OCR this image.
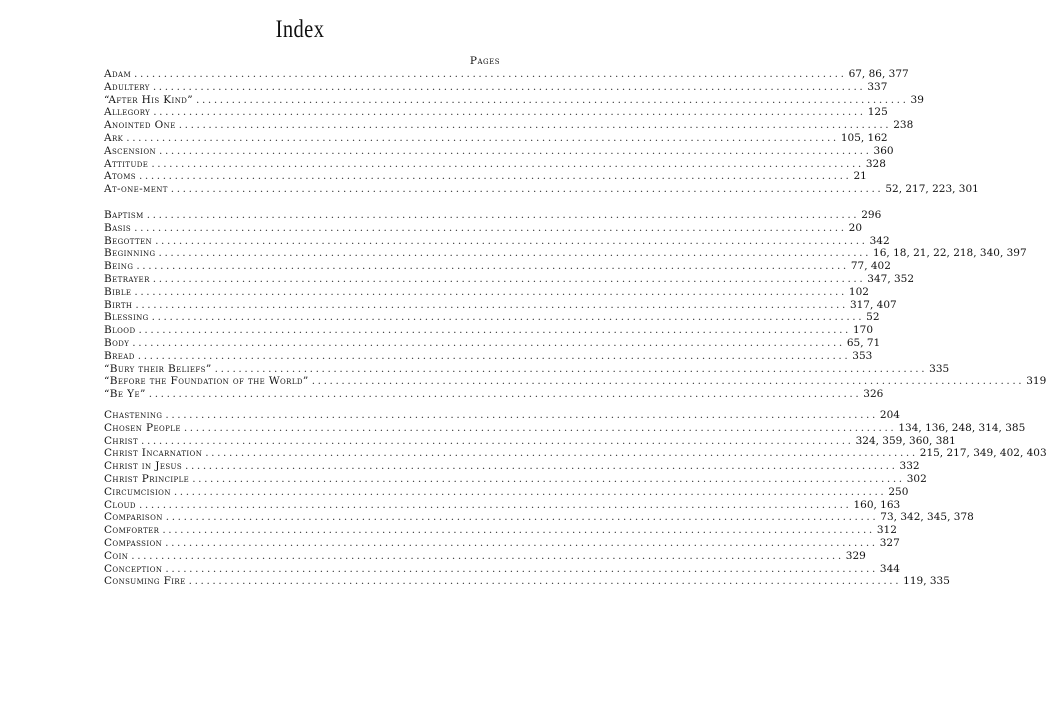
Index
Pages
Adam ........................................................................................................................ 67, 86, 377
Adultery ........................................................................................................................ 337
“After His Kind” ........................................................................................................................ 39
Allegory ........................................................................................................................ 125
Anointed One ........................................................................................................................ 238
Ark ........................................................................................................................ 105, 162
Ascension ........................................................................................................................ 360
Attitude ........................................................................................................................ 328
Atoms ........................................................................................................................ 21
At-one-ment ........................................................................................................................ 52, 217, 223, 301
Baptism ........................................................................................................................ 296
Basis ........................................................................................................................ 20
Begotten ........................................................................................................................ 342
Beginning ........................................................................................................................ 16, 18, 21, 22, 218, 340, 397
Being ........................................................................................................................ 77, 402
Betrayer ........................................................................................................................ 347, 352
Bible ........................................................................................................................ 102
Birth ........................................................................................................................ 317, 407
Blessing ........................................................................................................................ 52
Blood ........................................................................................................................ 170
Body ........................................................................................................................ 65, 71
Bread ........................................................................................................................ 353
“Bury their Beliefs” ........................................................................................................................ 335
“Before the Foundation of the World” ........................................................................................................................ 319
“Be Ye” ........................................................................................................................ 326
Chastening ........................................................................................................................ 204
Chosen People ........................................................................................................................ 134, 136, 248, 314, 385
Christ ........................................................................................................................ 324, 359, 360, 381
Christ Incarnation ........................................................................................................................ 215, 217, 349, 402, 403
Christ in Jesus ........................................................................................................................ 332
Christ Principle ........................................................................................................................ 302
Circumcision ........................................................................................................................ 250
Cloud ........................................................................................................................ 160, 163
Comparison ........................................................................................................................ 73, 342, 345, 378
Comforter ........................................................................................................................ 312
Compassion ........................................................................................................................ 327
Coin ........................................................................................................................ 329
Conception ........................................................................................................................ 344
Consuming Fire ........................................................................................................................ 119, 335
